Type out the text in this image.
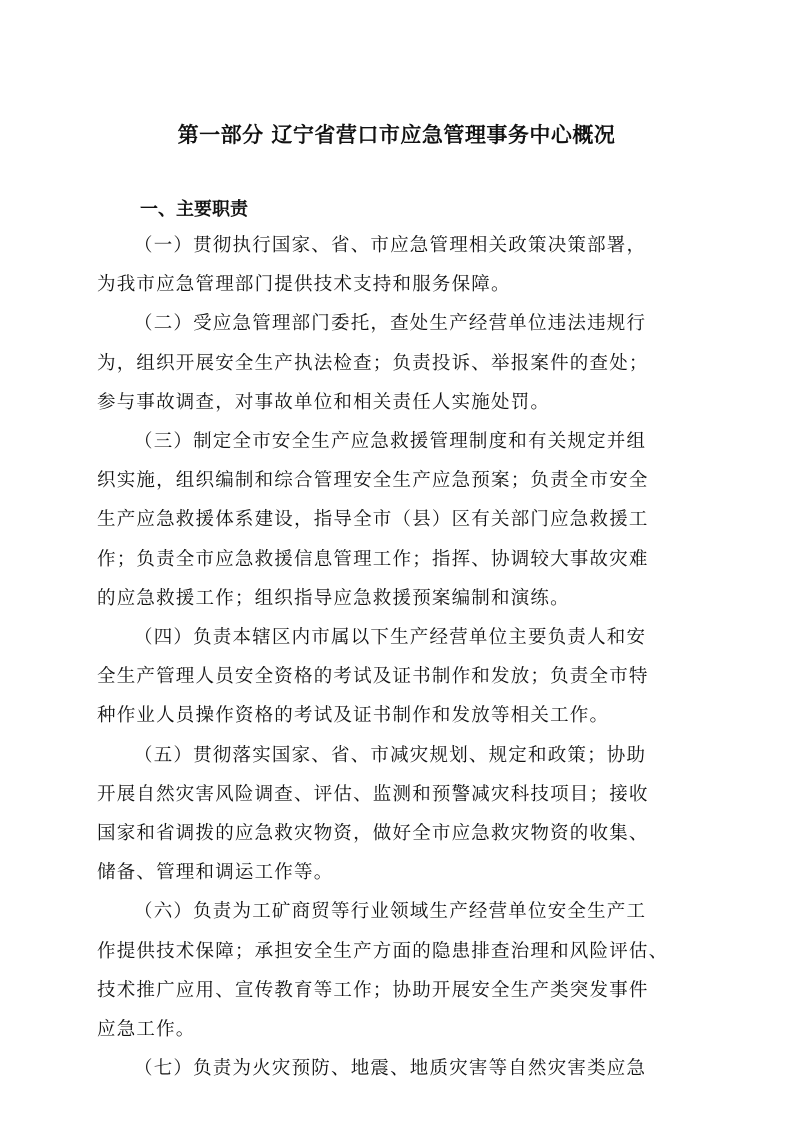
第一部分 辽宁省营口市应急管理事务中心概况
一、主要职责
（一）贯彻执行国家、省、市应急管理相关政策决策部署，
为我市应急管理部门提供技术支持和服务保障。
（二）受应急管理部门委托，查处生产经营单位违法违规行
为，组织开展安全生产执法检查；负责投诉、举报案件的查处；
参与事故调查，对事故单位和相关责任人实施处罚。
（三）制定全市安全生产应急救援管理制度和有关规定并组
织实施，组织编制和综合管理安全生产应急预案；负责全市安全
生产应急救援体系建设，指导全市（县）区有关部门应急救援工
作；负责全市应急救援信息管理工作；指挥、协调较大事故灾难
的应急救援工作；组织指导应急救援预案编制和演练。
（四）负责本辖区内市属以下生产经营单位主要负责人和安
全生产管理人员安全资格的考试及证书制作和发放；负责全市特
种作业人员操作资格的考试及证书制作和发放等相关工作。
（五）贯彻落实国家、省、市减灾规划、规定和政策；协助
开展自然灾害风险调查、评估、监测和预警减灾科技项目；接收
国家和省调拨的应急救灾物资，做好全市应急救灾物资的收集、
储备、管理和调运工作等。
（六）负责为工矿商贸等行业领域生产经营单位安全生产工
作提供技术保障；承担安全生产方面的隐患排查治理和风险评估、
技术推广应用、宣传教育等工作；协助开展安全生产类突发事件
应急工作。
（七）负责为火灾预防、地震、地质灾害等自然灾害类应急
